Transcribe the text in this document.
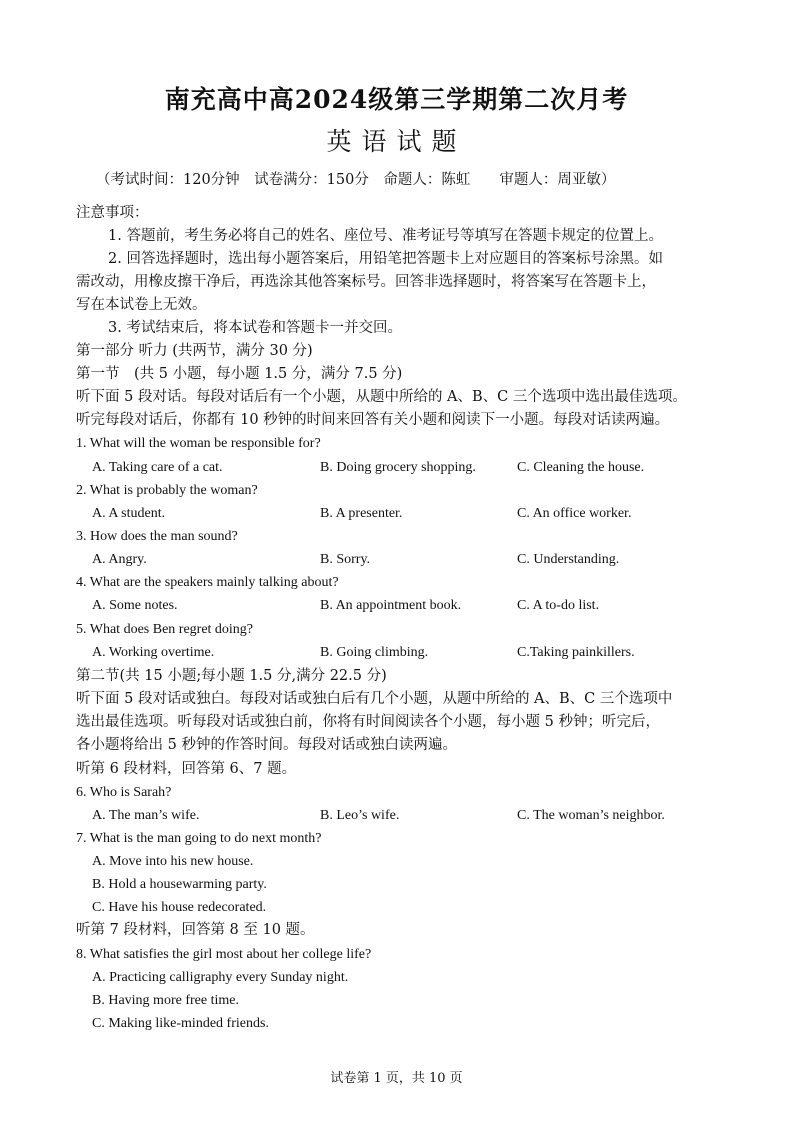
南充高中高2024级第三学期第二次月考
英语试题
（考试时间：120分钟　试卷满分：150分　命题人：陈虹　　审题人：周亚敏）
注意事项：
1. 答题前，考生务必将自己的姓名、座位号、准考证号等填写在答题卡规定的位置上。
2. 回答选择题时，选出每小题答案后，用铅笔把答题卡上对应题目的答案标号涂黑。如
需改动，用橡皮擦干净后，再选涂其他答案标号。回答非选择题时，将答案写在答题卡上，
写在本试卷上无效。
3. 考试结束后，将本试卷和答题卡一并交回。
第一部分 听力 (共两节，满分 30 分)
第一节　(共 5 小题，每小题 1.5 分，满分 7.5 分)
听下面 5 段对话。每段对话后有一个小题，从题中所给的 A、B、C 三个选项中选出最佳选项。
听完每段对话后，你都有 10 秒钟的时间来回答有关小题和阅读下一小题。每段对话读两遍。
1. What will the woman be responsible for?
A. Taking care of a cat.	B. Doing grocery shopping.	C. Cleaning the house.
2. What is probably the woman?
A. A student.	B. A presenter.	C. An office worker.
3. How does the man sound?
A. Angry.	B. Sorry.	C. Understanding.
4. What are the speakers mainly talking about?
A. Some notes.	B. An appointment book.	C. A to-do list.
5. What does Ben regret doing?
A. Working overtime.	B. Going climbing.	C.Taking painkillers.
第二节(共 15 小题;每小题 1.5 分,满分 22.5 分)
听下面 5 段对话或独白。每段对话或独白后有几个小题，从题中所给的 A、B、C 三个选项中
选出最佳选项。听每段对话或独白前，你将有时间阅读各个小题，每小题 5 秒钟；听完后，
各小题将给出 5 秒钟的作答时间。每段对话或独白读两遍。
听第 6 段材料，回答第 6、7 题。
6. Who is Sarah?
A. The man’s wife.	B. Leo’s wife.	C. The woman’s neighbor.
7. What is the man going to do next month?
A. Move into his new house.
B. Hold a housewarming party.
C. Have his house redecorated.
听第 7 段材料，回答第 8 至 10 题。
8. What satisfies the girl most about her college life?
A. Practicing calligraphy every Sunday night.
B. Having more free time.
C. Making like-minded friends.
试卷第 1 页，共 10 页
